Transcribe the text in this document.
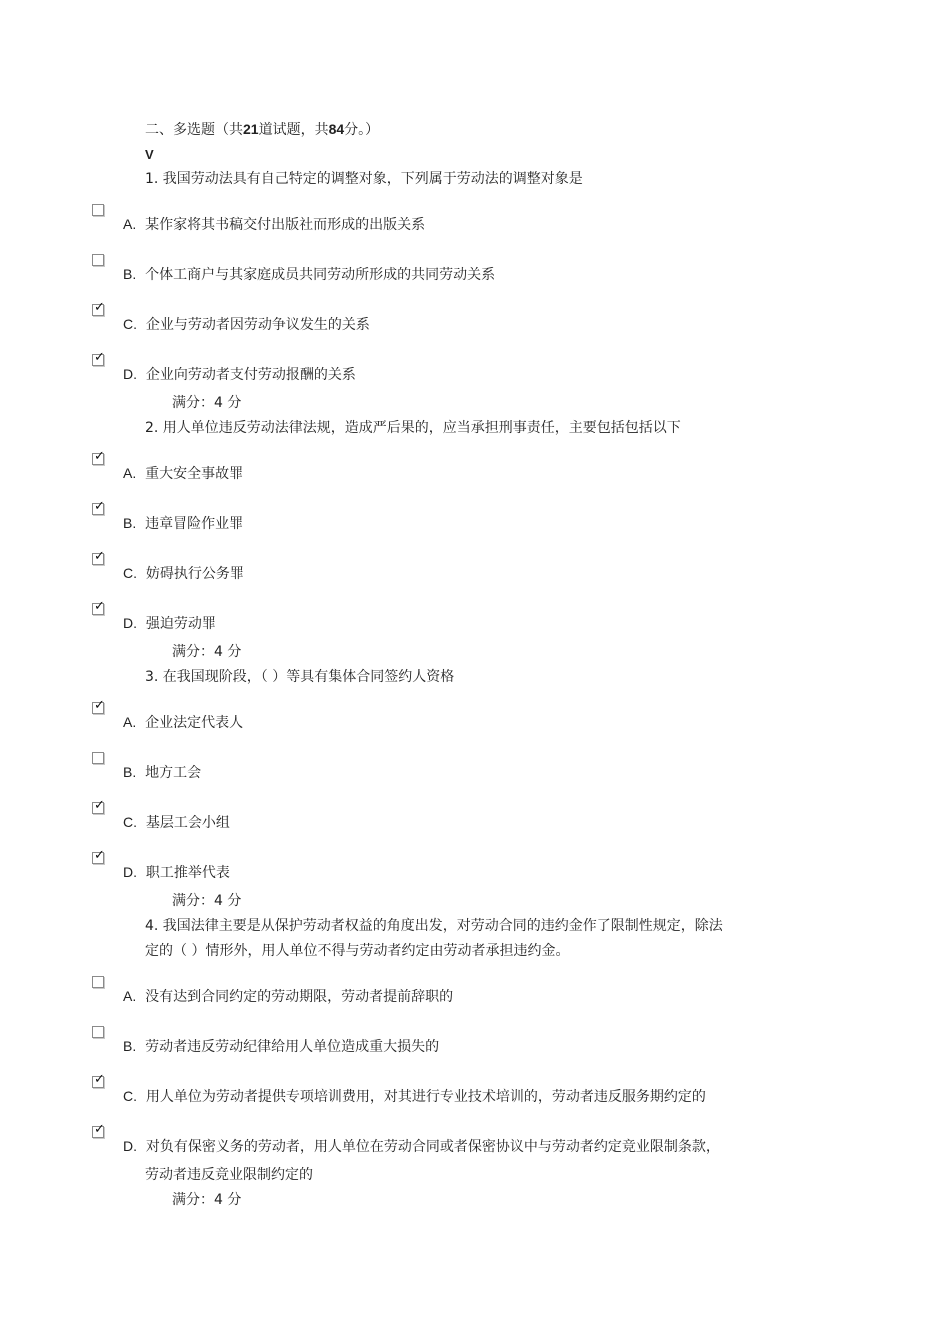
二、多选题（共21道试题，共84分。）
V
1. 我国劳动法具有自己特定的调整对象，下列属于劳动法的调整对象是
A. 某作家将其书稿交付出版社而形成的出版关系
B. 个体工商户与其家庭成员共同劳动所形成的共同劳动关系
✓
C. 企业与劳动者因劳动争议发生的关系
✓
D. 企业向劳动者支付劳动报酬的关系
满分：4 分
2. 用人单位违反劳动法律法规，造成严后果的，应当承担刑事责任，主要包括包括以下
✓
A. 重大安全事故罪
✓
B. 违章冒险作业罪
✓
C. 妨碍执行公务罪
✓
D. 强迫劳动罪
满分：4 分
3. 在我国现阶段，（ ）等具有集体合同签约人资格
✓
A. 企业法定代表人
B. 地方工会
✓
C. 基层工会小组
✓
D. 职工推举代表
满分：4 分
4. 我国法律主要是从保护劳动者权益的角度出发，对劳动合同的违约金作了限制性规定，除法
定的（ ）情形外，用人单位不得与劳动者约定由劳动者承担违约金。
A. 没有达到合同约定的劳动期限，劳动者提前辞职的
B. 劳动者违反劳动纪律给用人单位造成重大损失的
✓
C. 用人单位为劳动者提供专项培训费用，对其进行专业技术培训的，劳动者违反服务期约定的
✓
D. 对负有保密义务的劳动者，用人单位在劳动合同或者保密协议中与劳动者约定竞业限制条款，
劳动者违反竞业限制约定的
满分：4 分
